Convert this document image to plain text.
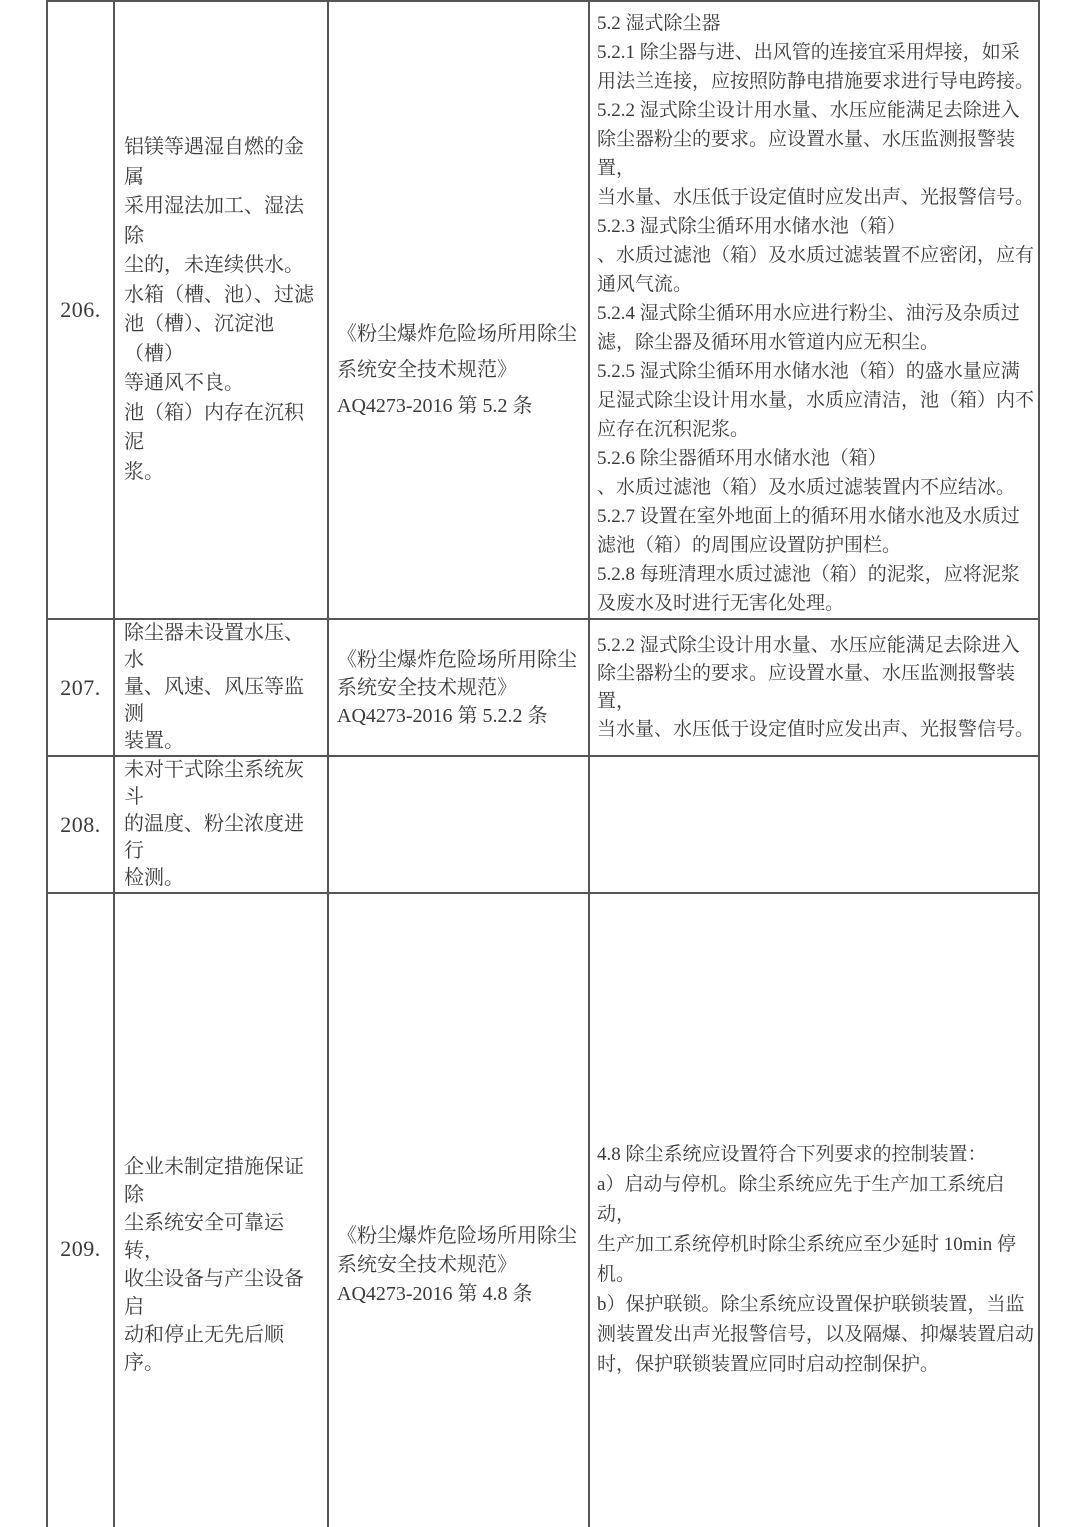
206.

铝镁等遇湿自燃的金属
采用湿法加工、湿法除
尘的，未连续供水。
水箱（槽、池）、过滤
池（槽）、沉淀池（槽）
等通风不良。
池（箱）内存在沉积泥
浆。

《粉尘爆炸危险场所用除尘
系统安全技术规范》
AQ4273-2016 第 5.2 条

5.2 湿式除尘器
5.2.1 除尘器与进、出风管的连接宜采用焊接，如采
用法兰连接，应按照防静电措施要求进行导电跨接。
5.2.2 湿式除尘设计用水量、水压应能满足去除进入
除尘器粉尘的要求。应设置水量、水压监测报警装置，
当水量、水压低于设定值时应发出声、光报警信号。
5.2.3 湿式除尘循环用水储水池（箱）
、水质过滤池（箱）及水质过滤装置不应密闭，应有
通风气流。
5.2.4 湿式除尘循环用水应进行粉尘、油污及杂质过
滤，除尘器及循环用水管道内应无积尘。
5.2.5 湿式除尘循环用水储水池（箱）的盛水量应满
足湿式除尘设计用水量，水质应清洁，池（箱）内不
应存在沉积泥浆。
5.2.6 除尘器循环用水储水池（箱）
、水质过滤池（箱）及水质过滤装置内不应结冰。
5.2.7 设置在室外地面上的循环用水储水池及水质过
滤池（箱）的周围应设置防护围栏。
5.2.8 每班清理水质过滤池（箱）的泥浆，应将泥浆
及废水及时进行无害化处理。

207.	除尘器未设置水压、水
量、风速、风压等监测
装置。	《粉尘爆炸危险场所用除尘
系统安全技术规范》
AQ4273-2016 第 5.2.2 条	5.2.2 湿式除尘设计用水量、水压应能满足去除进入
除尘器粉尘的要求。应设置水量、水压监测报警装置，
当水量、水压低于设定值时应发出声、光报警信号。

208.	未对干式除尘系统灰斗
的温度、粉尘浓度进行
检测。		

209.

企业未制定措施保证除
尘系统安全可靠运转，
收尘设备与产尘设备启
动和停止无先后顺序。

《粉尘爆炸危险场所用除尘
系统安全技术规范》
AQ4273-2016 第 4.8 条

4.8 除尘系统应设置符合下列要求的控制装置：
a）启动与停机。除尘系统应先于生产加工系统启动，
生产加工系统停机时除尘系统应至少延时 10min 停
机。
b）保护联锁。除尘系统应设置保护联锁装置，当监
测装置发出声光报警信号，以及隔爆、抑爆装置启动
时，保护联锁装置应同时启动控制保护。
